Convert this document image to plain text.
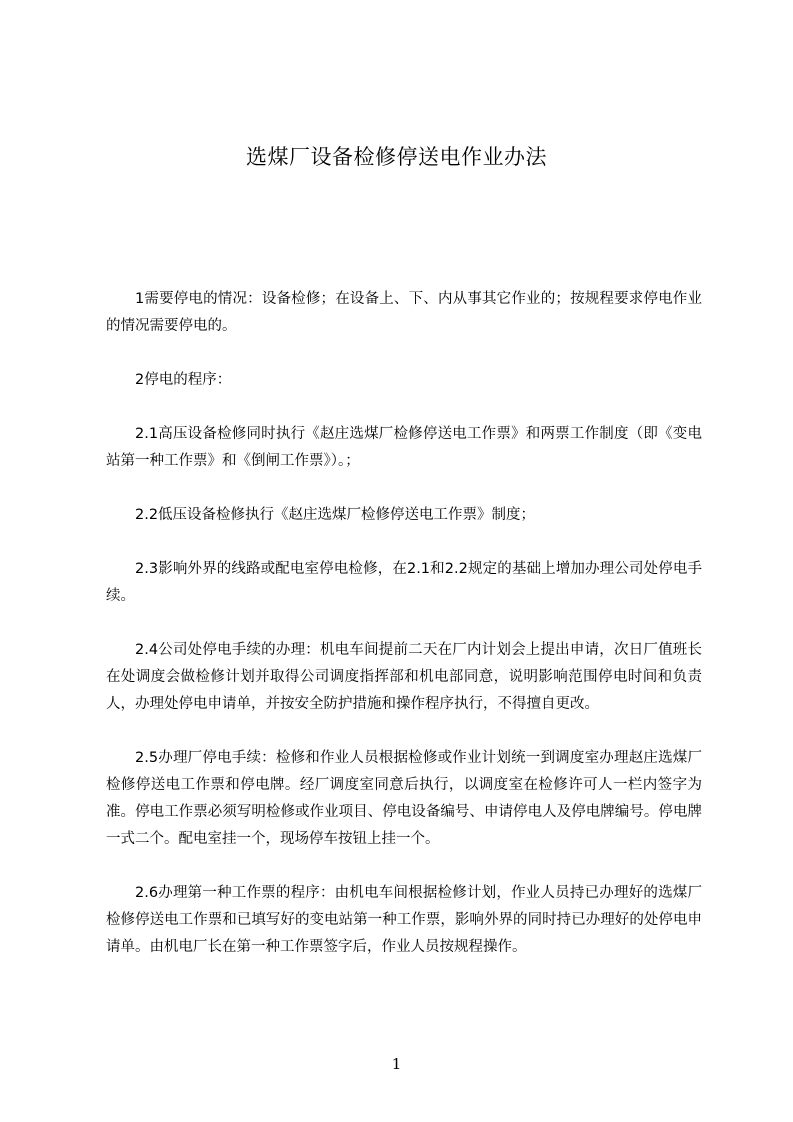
选煤厂设备检修停送电作业办法

1需要停电的情况：设备检修；在设备上、下、内从事其它作业的；按规程要求停电作业的情况需要停电的。

2停电的程序：

2.1高压设备检修同时执行《赵庄选煤厂检修停送电工作票》和两票工作制度（即《变电站第一种工作票》和《倒闸工作票》）。；

2.2低压设备检修执行《赵庄选煤厂检修停送电工作票》制度；

2.3影响外界的线路或配电室停电检修，在2.1和2.2规定的基础上增加办理公司处停电手续。

2.4公司处停电手续的办理：机电车间提前二天在厂内计划会上提出申请，次日厂值班长在处调度会做检修计划并取得公司调度指挥部和机电部同意，说明影响范围停电时间和负责人，办理处停电申请单，并按安全防护措施和操作程序执行，不得擅自更改。

2.5办理厂停电手续：检修和作业人员根据检修或作业计划统一到调度室办理赵庄选煤厂检修停送电工作票和停电牌。经厂调度室同意后执行，以调度室在检修许可人一栏内签字为准。停电工作票必须写明检修或作业项目、停电设备编号、申请停电人及停电牌编号。停电牌一式二个。配电室挂一个，现场停车按钮上挂一个。

2.6办理第一种工作票的程序：由机电车间根据检修计划，作业人员持已办理好的选煤厂检修停送电工作票和已填写好的变电站第一种工作票，影响外界的同时持已办理好的处停电申请单。由机电厂长在第一种工作票签字后，作业人员按规程操作。

1
